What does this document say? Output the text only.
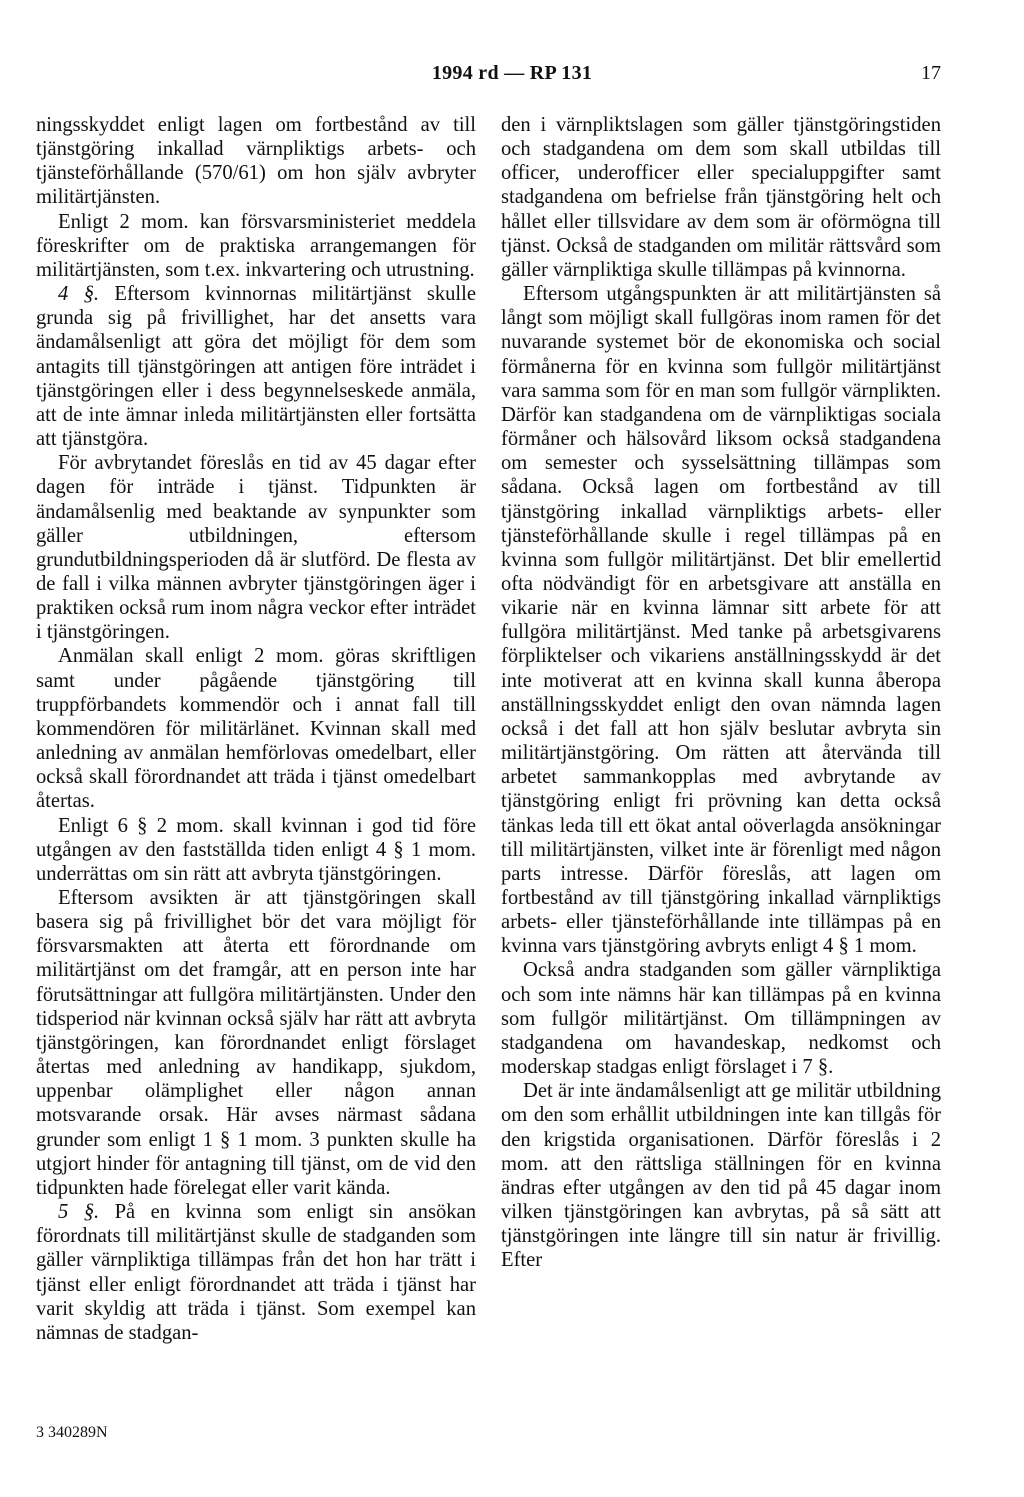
1994 rd — RP 131	17

ningsskyddet enligt lagen om fortbestånd av till tjänstgöring inkallad värnpliktigs arbets- och tjänsteförhållande (570/61) om hon själv avbryter militärtjänsten.

Enligt 2 mom. kan försvarsministeriet meddela föreskrifter om de praktiska arrangemangen för militärtjänsten, som t.ex. inkvartering och utrustning.

4 §. Eftersom kvinnornas militärtjänst skulle grunda sig på frivillighet, har det ansetts vara ändamålsenligt att göra det möjligt för dem som antagits till tjänstgöringen att antigen före inträdet i tjänstgöringen eller i dess begynnelseskede anmäla, att de inte ämnar inleda militärtjänsten eller fortsätta att tjänstgöra.

För avbrytandet föreslås en tid av 45 dagar efter dagen för inträde i tjänst. Tidpunkten är ändamålsenlig med beaktande av synpunkter som gäller utbildningen, eftersom grundutbildningsperioden då är slutförd. De flesta av de fall i vilka männen avbryter tjänstgöringen äger i praktiken också rum inom några veckor efter inträdet i tjänstgöringen.

Anmälan skall enligt 2 mom. göras skriftligen samt under pågående tjänstgöring till truppförbandets kommendör och i annat fall till kommendören för militärlänet. Kvinnan skall med anledning av anmälan hemförlovas omedelbart, eller också skall förordnandet att träda i tjänst omedelbart återtas.

Enligt 6 § 2 mom. skall kvinnan i god tid före utgången av den fastställda tiden enligt 4 § 1 mom. underrättas om sin rätt att avbryta tjänstgöringen.

Eftersom avsikten är att tjänstgöringen skall basera sig på frivillighet bör det vara möjligt för försvarsmakten att återta ett förordnande om militärtjänst om det framgår, att en person inte har förutsättningar att fullgöra militärtjänsten. Under den tidsperiod när kvinnan också själv har rätt att avbryta tjänstgöringen, kan förordnandet enligt förslaget återtas med anledning av handikapp, sjukdom, uppenbar olämplighet eller någon annan motsvarande orsak. Här avses närmast sådana grunder som enligt 1 § 1 mom. 3 punkten skulle ha utgjort hinder för antagning till tjänst, om de vid den tidpunkten hade förelegat eller varit kända.

5 §. På en kvinna som enligt sin ansökan förordnats till militärtjänst skulle de stadganden som gäller värnpliktiga tillämpas från det hon har trätt i tjänst eller enligt förordnandet att träda i tjänst har varit skyldig att träda i tjänst. Som exempel kan nämnas de stadgan-

den i värnpliktslagen som gäller tjänstgöringstiden och stadgandena om dem som skall utbildas till officer, underofficer eller specialuppgifter samt stadgandena om befrielse från tjänstgöring helt och hållet eller tillsvidare av dem som är oförmögna till tjänst. Också de stadganden om militär rättsvård som gäller värnpliktiga skulle tillämpas på kvinnorna.

Eftersom utgångspunkten är att militärtjänsten så långt som möjligt skall fullgöras inom ramen för det nuvarande systemet bör de ekonomiska och social förmånerna för en kvinna som fullgör militärtjänst vara samma som för en man som fullgör värnplikten. Därför kan stadgandena om de värnpliktigas sociala förmåner och hälsovård liksom också stadgandena om semester och sysselsättning tillämpas som sådana. Också lagen om fortbestånd av till tjänstgöring inkallad värnpliktigs arbets- eller tjänsteförhållande skulle i regel tillämpas på en kvinna som fullgör militärtjänst. Det blir emellertid ofta nödvändigt för en arbetsgivare att anställa en vikarie när en kvinna lämnar sitt arbete för att fullgöra militärtjänst. Med tanke på arbetsgivarens förpliktelser och vikariens anställningsskydd är det inte motiverat att en kvinna skall kunna åberopa anställningsskyddet enligt den ovan nämnda lagen också i det fall att hon själv beslutar avbryta sin militärtjänstgöring. Om rätten att återvända till arbetet sammankopplas med avbrytande av tjänstgöring enligt fri prövning kan detta också tänkas leda till ett ökat antal oöverlagda ansökningar till militärtjänsten, vilket inte är förenligt med någon parts intresse. Därför föreslås, att lagen om fortbestånd av till tjänstgöring inkallad värnpliktigs arbets- eller tjänsteförhållande inte tillämpas på en kvinna vars tjänstgöring avbryts enligt 4 § 1 mom.

Också andra stadganden som gäller värnpliktiga och som inte nämns här kan tillämpas på en kvinna som fullgör militärtjänst. Om tillämpningen av stadgandena om havandeskap, nedkomst och moderskap stadgas enligt förslaget i 7 §.

Det är inte ändamålsenligt att ge militär utbildning om den som erhållit utbildningen inte kan tillgås för den krigstida organisationen. Därför föreslås i 2 mom. att den rättsliga ställningen för en kvinna ändras efter utgången av den tid på 45 dagar inom vilken tjänstgöringen kan avbrytas, på så sätt att tjänstgöringen inte längre till sin natur är frivillig. Efter

3 340289N
